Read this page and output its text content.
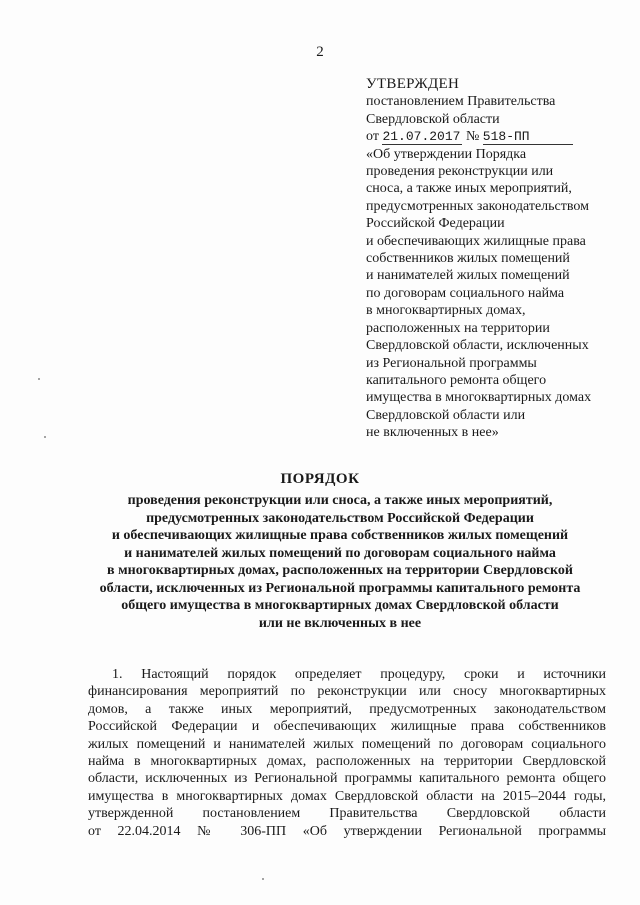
2
УТВЕРЖДЕН
постановлением Правительства
Свердловской области
от 21.07.2017 № 518-ПП
«Об утверждении Порядка
проведения реконструкции или
сноса, а также иных мероприятий,
предусмотренных законодательством
Российской Федерации
и обеспечивающих жилищные права
собственников жилых помещений
и нанимателей жилых помещений
по договорам социального найма
в многоквартирных домах,
расположенных на территории
Свердловской области, исключенных
из Региональной программы
капитального ремонта общего
имущества в многоквартирных домах
Свердловской области или
не включенных в нее»
ПОРЯДОК
проведения реконструкции или сноса, а также иных мероприятий,
предусмотренных законодательством Российской Федерации
и обеспечивающих жилищные права собственников жилых помещений
и нанимателей жилых помещений по договорам социального найма
в многоквартирных домах, расположенных на территории Свердловской
области, исключенных из Региональной программы капитального ремонта
общего имущества в многоквартирных домах Свердловской области
или не включенных в нее
1. Настоящий порядок определяет процедуру, сроки и источники
финансирования мероприятий по реконструкции или сносу многоквартирных
домов, а также иных мероприятий, предусмотренных законодательством
Российской Федерации и обеспечивающих жилищные права собственников
жилых помещений и нанимателей жилых помещений по договорам социального
найма в многоквартирных домах, расположенных на территории Свердловской
области, исключенных из Региональной программы капитального ремонта общего
имущества в многоквартирных домах Свердловской области на 2015–2044 годы,
утвержденной постановлением Правительства Свердловской области
от 22.04.2014 № 306-ПП «Об утверждении Региональной программы
